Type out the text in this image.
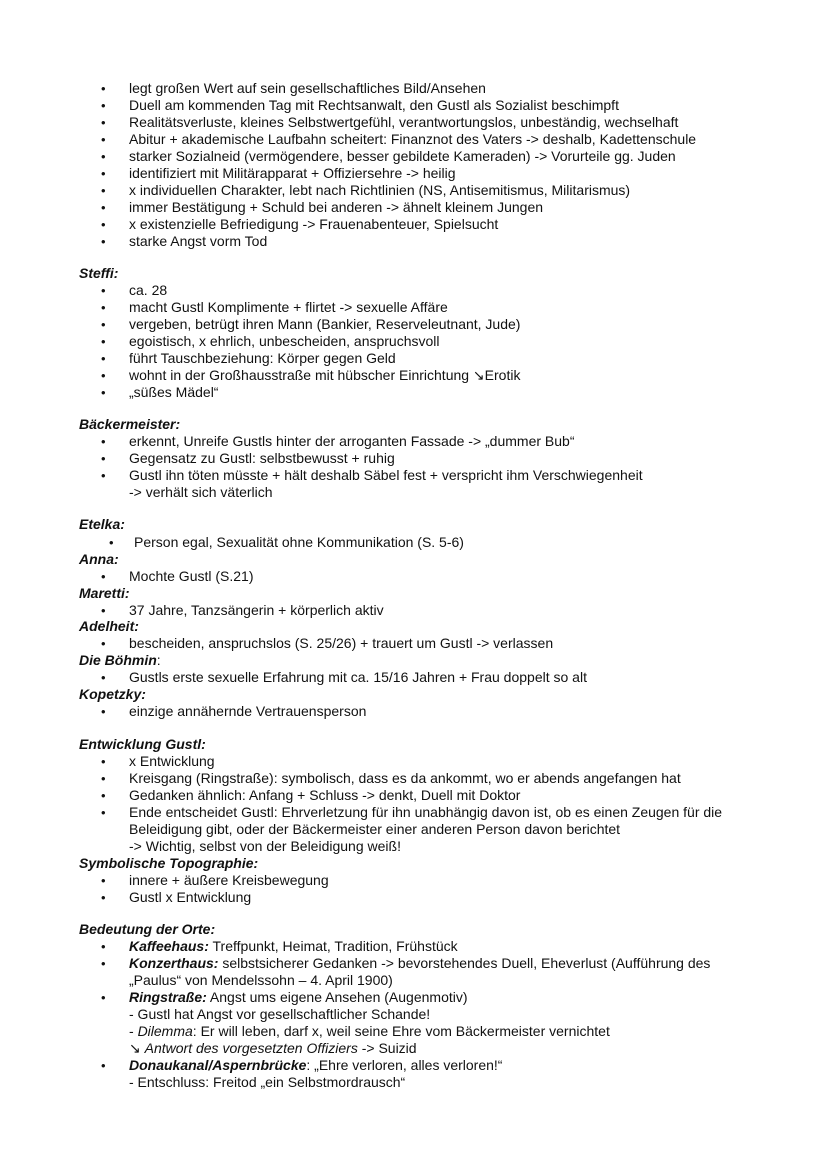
• legt großen Wert auf sein gesellschaftliches Bild/Ansehen
• Duell am kommenden Tag mit Rechtsanwalt, den Gustl als Sozialist beschimpft
• Realitätsverluste, kleines Selbstwertgefühl, verantwortungslos, unbeständig, wechselhaft
• Abitur + akademische Laufbahn scheitert: Finanznot des Vaters -> deshalb, Kadettenschule
• starker Sozialneid (vermögendere, besser gebildete Kameraden) -> Vorurteile gg. Juden
• identifiziert mit Militärapparat + Offiziersehre -> heilig
• x individuellen Charakter, lebt nach Richtlinien (NS, Antisemitismus, Militarismus)
• immer Bestätigung + Schuld bei anderen -> ähnelt kleinem Jungen
• x existenzielle Befriedigung -> Frauenabenteuer, Spielsucht
• starke Angst vorm Tod
Steffi:
• ca. 28
• macht Gustl Komplimente + flirtet -> sexuelle Affäre
• vergeben, betrügt ihren Mann (Bankier, Reserveleutnant, Jude)
• egoistisch, x ehrlich, unbescheiden, anspruchsvoll
• führt Tauschbeziehung: Körper gegen Geld
• wohnt in der Großhausstraße mit hübscher Einrichtung ↘Erotik
• „süßes Mädel“
Bäckermeister:
• erkennt, Unreife Gustls hinter der arroganten Fassade -> „dummer Bub“
• Gegensatz zu Gustl: selbstbewusst + ruhig
• Gustl ihn töten müsste + hält deshalb Säbel fest + verspricht ihm Verschwiegenheit
-> verhält sich väterlich
Etelka:
• Person egal, Sexualität ohne Kommunikation (S. 5-6)
Anna:
• Mochte Gustl (S.21)
Maretti:
• 37 Jahre, Tanzsängerin + körperlich aktiv
Adelheit:
• bescheiden, anspruchslos (S. 25/26) + trauert um Gustl -> verlassen
Die Böhmin:
• Gustls erste sexuelle Erfahrung mit ca. 15/16 Jahren + Frau doppelt so alt
Kopetzky:
• einzige annähernde Vertrauensperson
Entwicklung Gustl:
• x Entwicklung
• Kreisgang (Ringstraße): symbolisch, dass es da ankommt, wo er abends angefangen hat
• Gedanken ähnlich: Anfang + Schluss -> denkt, Duell mit Doktor
• Ende entscheidet Gustl: Ehrverletzung für ihn unabhängig davon ist, ob es einen Zeugen für die
Beleidigung gibt, oder der Bäckermeister einer anderen Person davon berichtet
-> Wichtig, selbst von der Beleidigung weiß!
Symbolische Topographie:
• innere + äußere Kreisbewegung
• Gustl x Entwicklung
Bedeutung der Orte:
• Kaffeehaus: Treffpunkt, Heimat, Tradition, Frühstück
• Konzerthaus: selbstsicherer Gedanken -> bevorstehendes Duell, Eheverlust (Aufführung des
„Paulus“ von Mendelssohn – 4. April 1900)
• Ringstraße: Angst ums eigene Ansehen (Augenmotiv)
- Gustl hat Angst vor gesellschaftlicher Schande!
- Dilemma: Er will leben, darf x, weil seine Ehre vom Bäckermeister vernichtet
↘ Antwort des vorgesetzten Offiziers -> Suizid
• Donaukanal/Aspernbrücke: „Ehre verloren, alles verloren!“
- Entschluss: Freitod „ein Selbstmordrausch“
